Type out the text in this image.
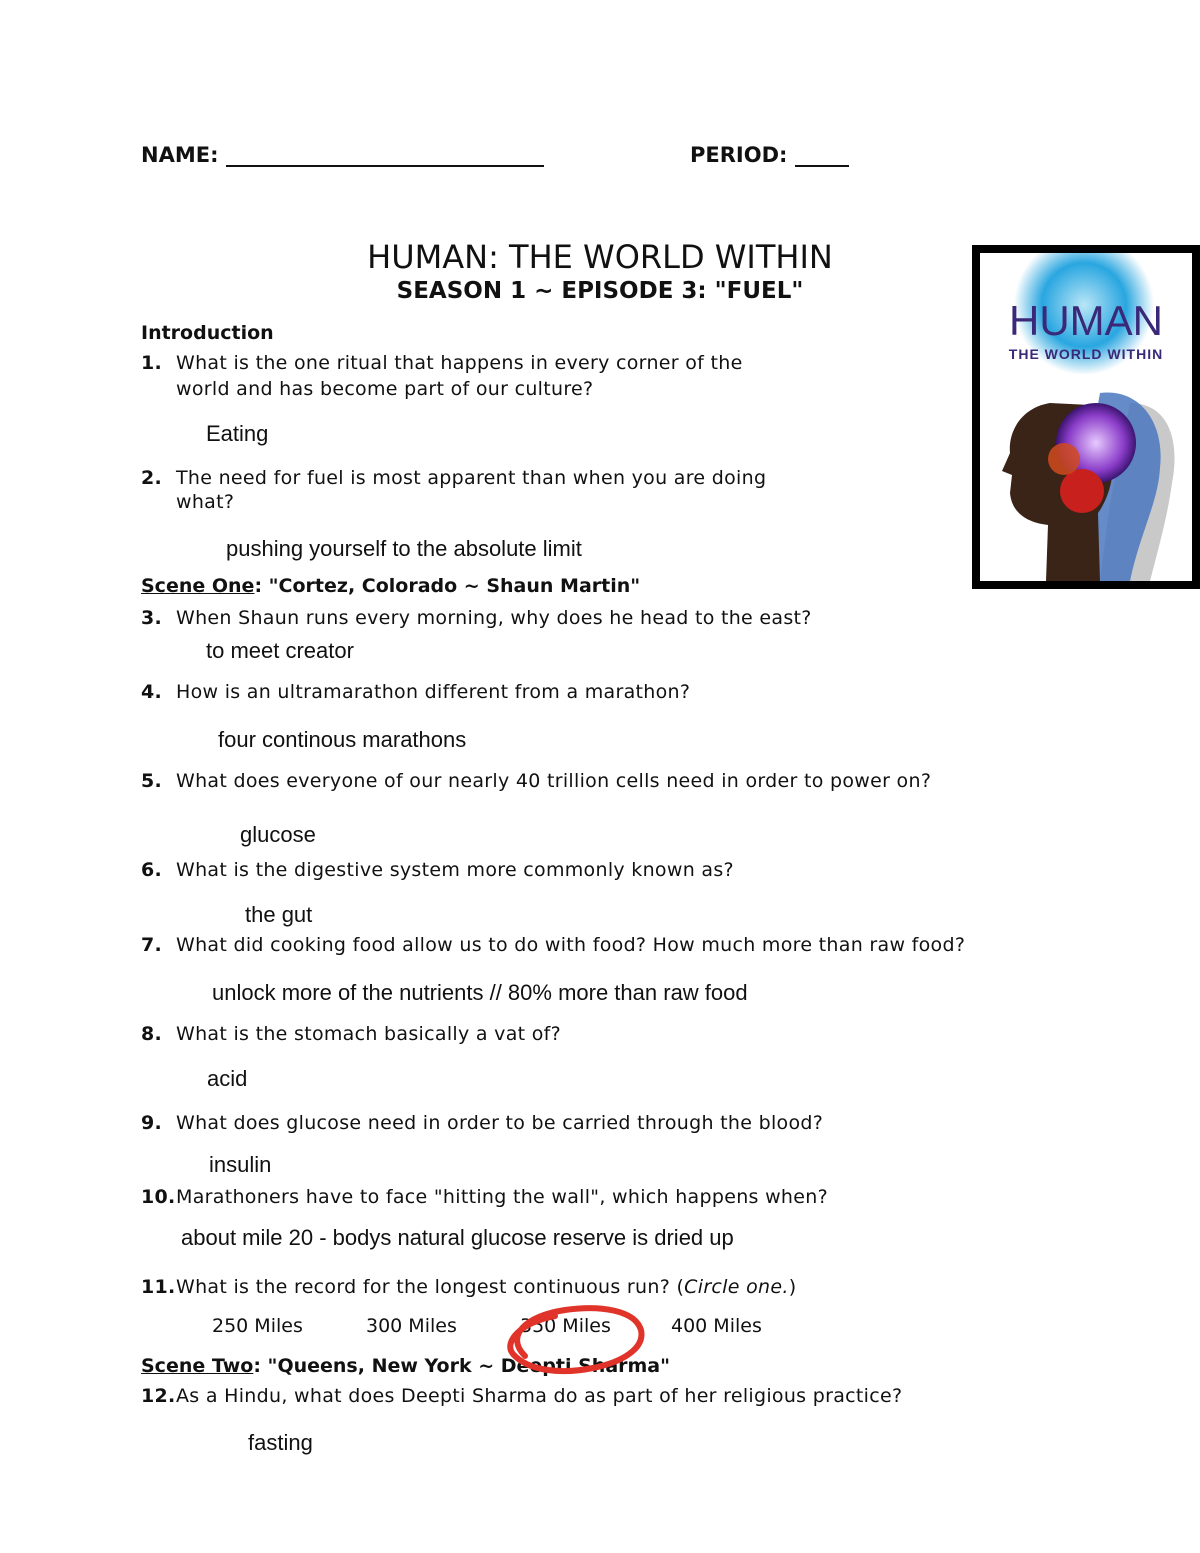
NAME:	PERIOD:
HUMAN: THE WORLD WITHIN
SEASON 1 ~ EPISODE 3: "FUEL"
HUMAN
THE WORLD WITHIN
Introduction
1. What is the one ritual that happens in every corner of the
world and has become part of our culture?
Eating
2. The need for fuel is most apparent than when you are doing
what?
pushing yourself to the absolute limit
Scene One: "Cortez, Colorado ~ Shaun Martin"
3. When Shaun runs every morning, why does he head to the east?
to meet creator
4. How is an ultramarathon different from a marathon?
four continous marathons
5. What does everyone of our nearly 40 trillion cells need in order to power on?
glucose
6. What is the digestive system more commonly known as?
the gut
7. What did cooking food allow us to do with food? How much more than raw food?
unlock more of the nutrients // 80% more than raw food
8. What is the stomach basically a vat of?
acid
9. What does glucose need in order to be carried through the blood?
insulin
10. Marathoners have to face "hitting the wall", which happens when?
about mile 20 - bodys natural glucose reserve is dried up
11. What is the record for the longest continuous run? (Circle one.)
250 Miles	300 Miles	350 Miles	400 Miles
Scene Two: "Queens, New York ~ Deepti Sharma"
12. As a Hindu, what does Deepti Sharma do as part of her religious practice?
fasting
